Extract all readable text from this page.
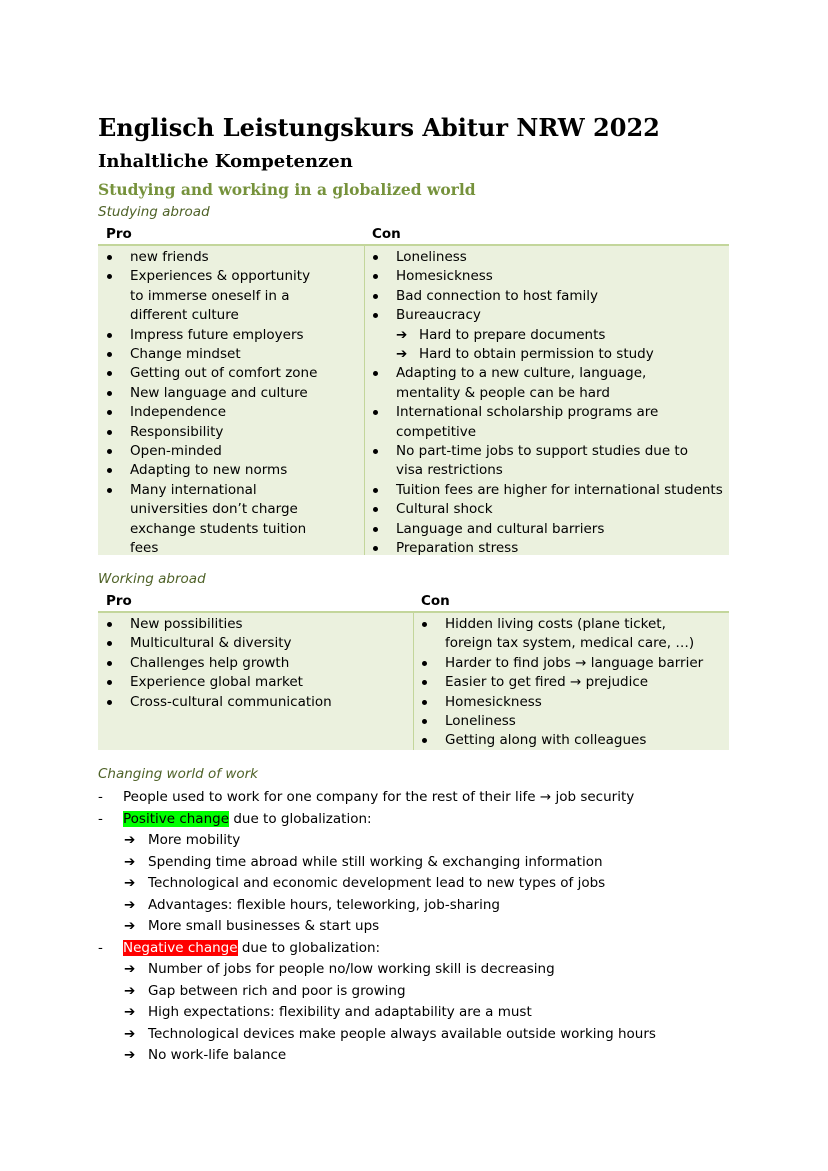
Englisch Leistungskurs Abitur NRW 2022
Inhaltliche Kompetenzen
Studying and working in a globalized world
Studying abroad
Pro	Con
new friends
Experiences & opportunity to immerse oneself in a different culture
Impress future employers
Change mindset
Getting out of comfort zone
New language and culture
Independence
Responsibility
Open-minded
Adapting to new norms
Many international universities don’t charge exchange students tuition fees
Loneliness
Homesickness
Bad connection to host family
Bureaucracy
➔ Hard to prepare documents
➔ Hard to obtain permission to study
Adapting to a new culture, language, mentality & people can be hard
International scholarship programs are competitive
No part-time jobs to support studies due to visa restrictions
Tuition fees are higher for international students
Cultural shock
Language and cultural barriers
Preparation stress
Working abroad
Pro	Con
New possibilities
Multicultural & diversity
Challenges help growth
Experience global market
Cross-cultural communication
Hidden living costs (plane ticket, foreign tax system, medical care, …)
Harder to find jobs → language barrier
Easier to get fired → prejudice
Homesickness
Loneliness
Getting along with colleagues
Changing world of work
- People used to work for one company for the rest of their life → job security
- Positive change due to globalization:
➔ More mobility
➔ Spending time abroad while still working & exchanging information
➔ Technological and economic development lead to new types of jobs
➔ Advantages: flexible hours, teleworking, job-sharing
➔ More small businesses & start ups
- Negative change due to globalization:
➔ Number of jobs for people no/low working skill is decreasing
➔ Gap between rich and poor is growing
➔ High expectations: flexibility and adaptability are a must
➔ Technological devices make people always available outside working hours
➔ No work-life balance
